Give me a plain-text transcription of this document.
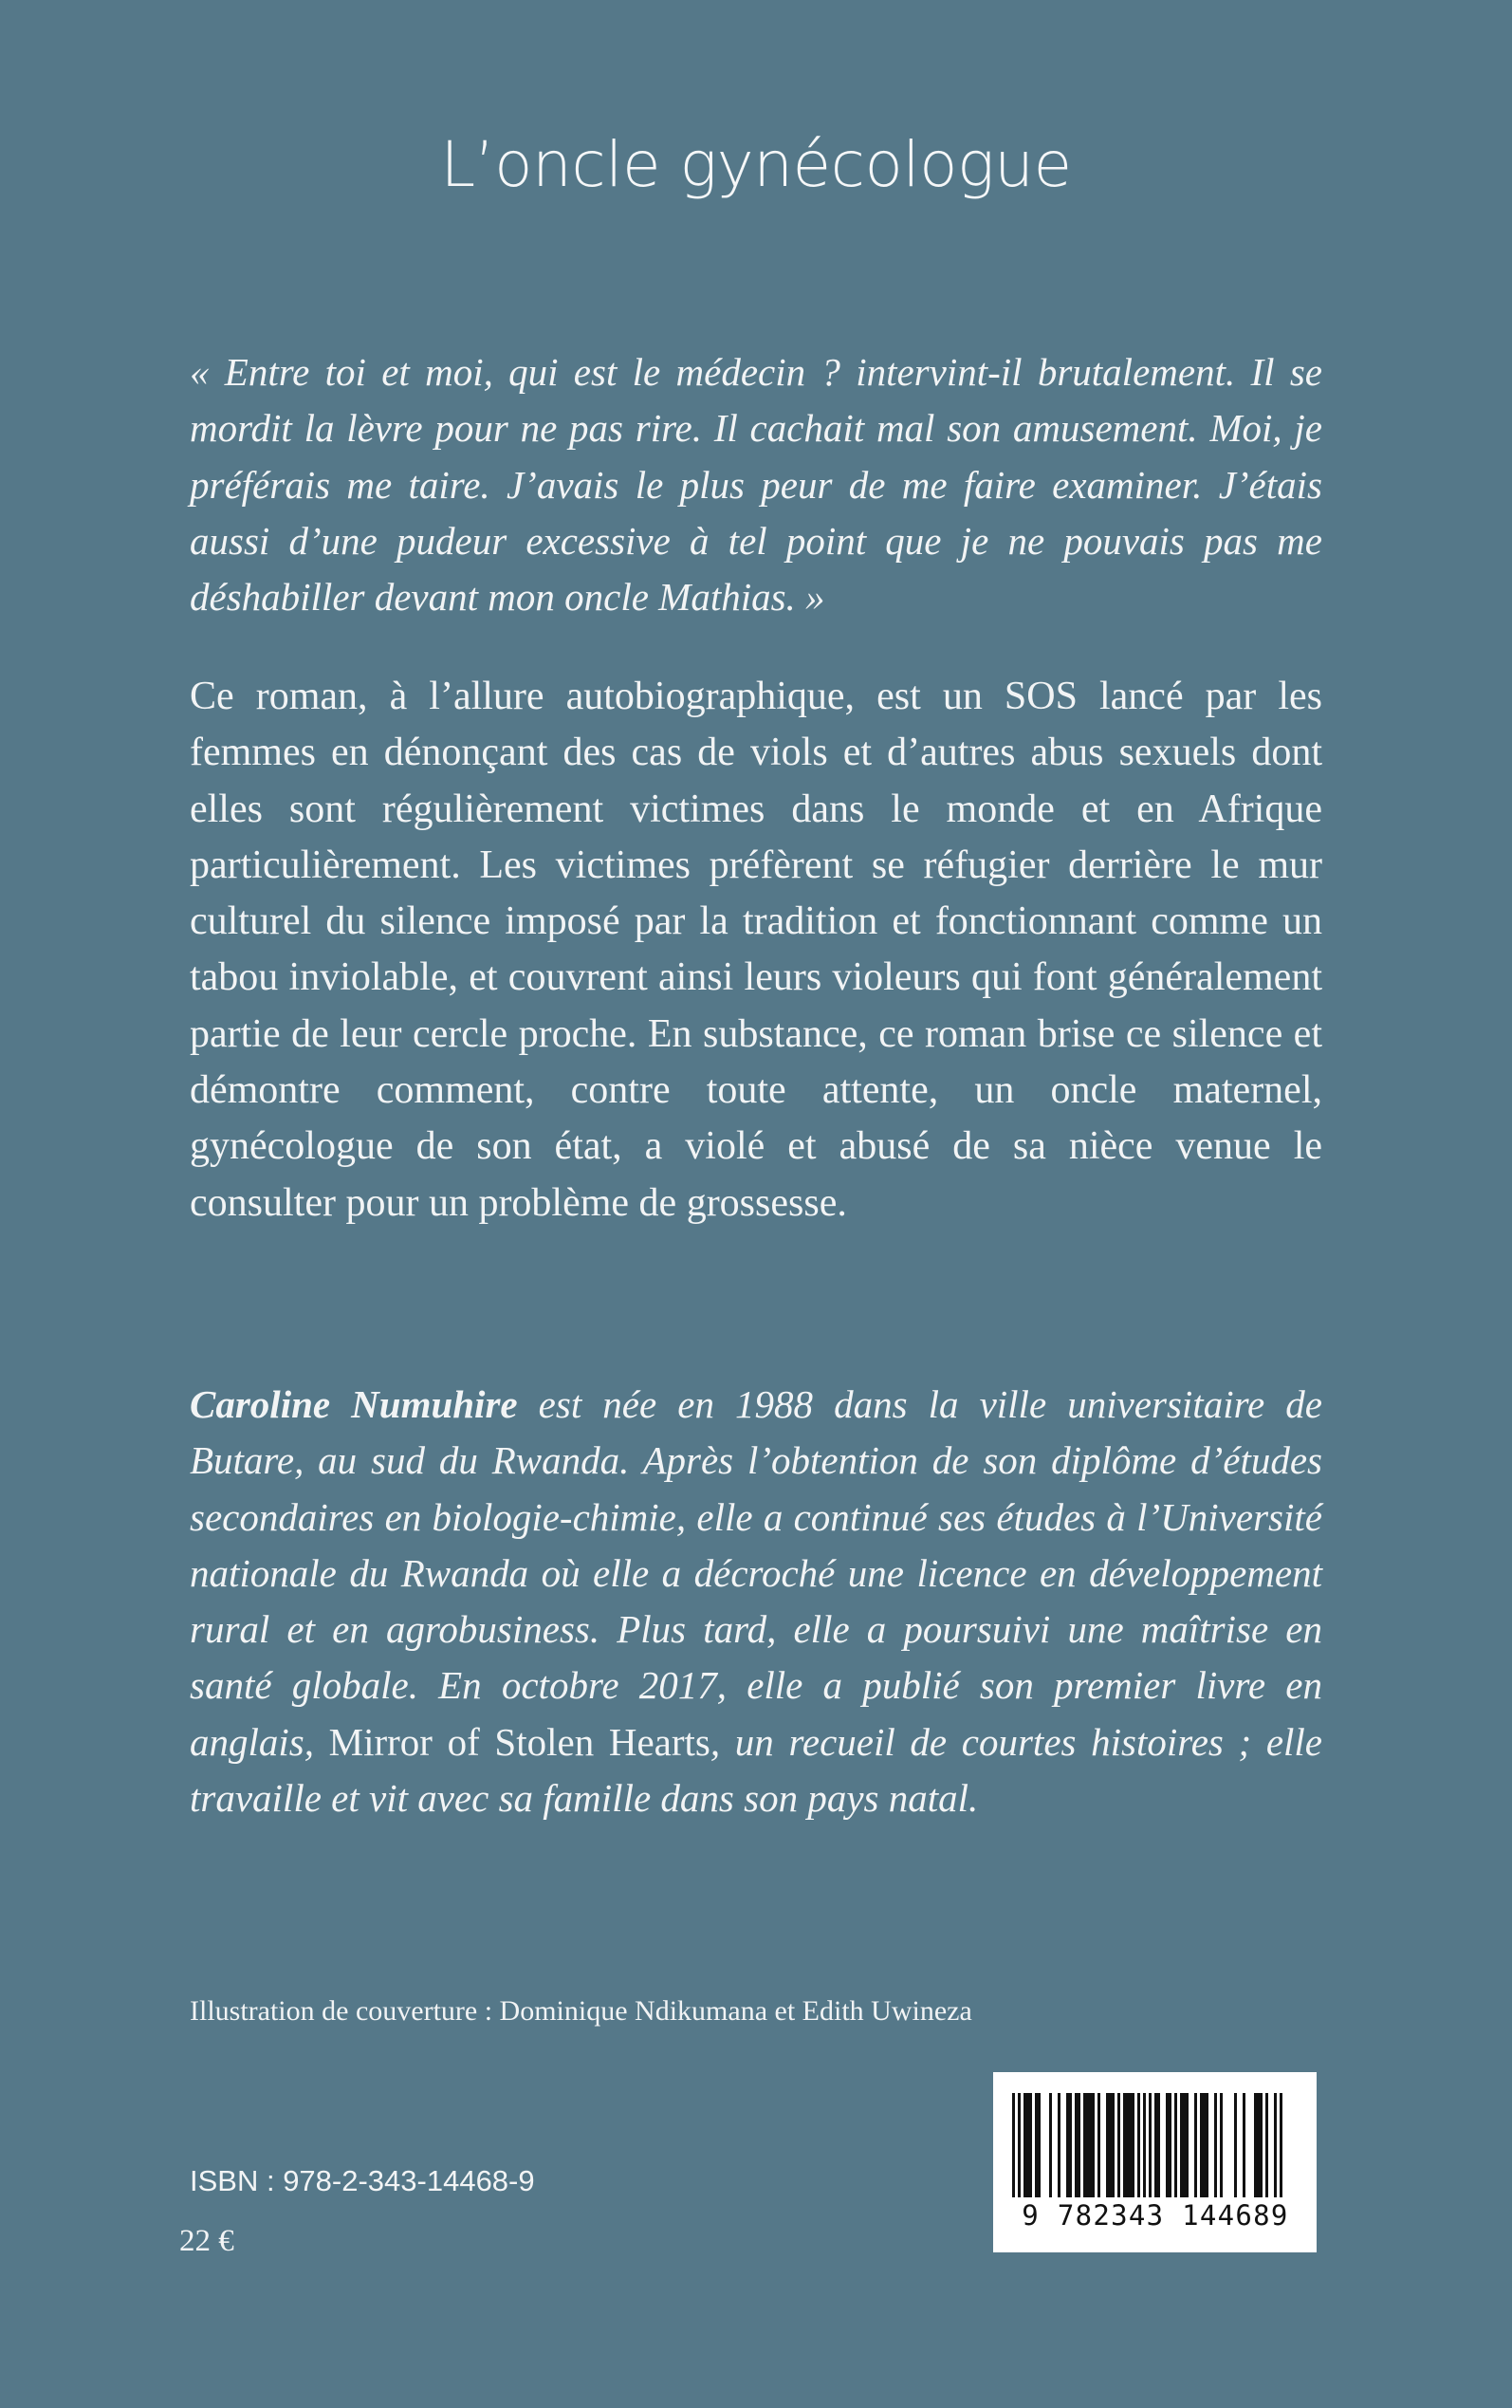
L’oncle gynécologue
« Entre toi et moi, qui est le médecin ? intervint-il brutalement. Il se mordit la lèvre pour ne pas rire. Il cachait mal son amusement. Moi, je préférais me taire. J’avais le plus peur de me faire examiner. J’étais aussi d’une pudeur excessive à tel point que je ne pouvais pas me déshabiller devant mon oncle Mathias. »
Ce roman, à l’allure autobiographique, est un SOS lancé par les femmes en dénonçant des cas de viols et d’autres abus sexuels dont elles sont régulièrement victimes dans le monde et en Afrique particulièrement. Les victimes préfèrent se réfugier derrière le mur culturel du silence imposé par la tradition et fonctionnant comme un tabou inviolable, et couvrent ainsi leurs violeurs qui font généralement partie de leur cercle proche. En substance, ce roman brise ce silence et démontre comment, contre toute attente, un oncle maternel, gynécologue de son état, a violé et abusé de sa nièce venue le consulter pour un problème de grossesse.
Caroline Numuhire est née en 1988 dans la ville universitaire de Butare, au sud du Rwanda. Après l’obtention de son diplôme d’études secondaires en biologie-chimie, elle a continué ses études à l’Université nationale du Rwanda où elle a décroché une licence en développement rural et en agrobusiness. Plus tard, elle a poursuivi une maîtrise en santé globale. En octobre 2017, elle a publié son premier livre en anglais, Mirror of Stolen Hearts, un recueil de courtes histoires ; elle travaille et vit avec sa famille dans son pays natal.
Illustration de couverture : Dominique Ndikumana et Edith Uwineza
ISBN : 978-2-343-14468-9
22 €
9 782343 144689
